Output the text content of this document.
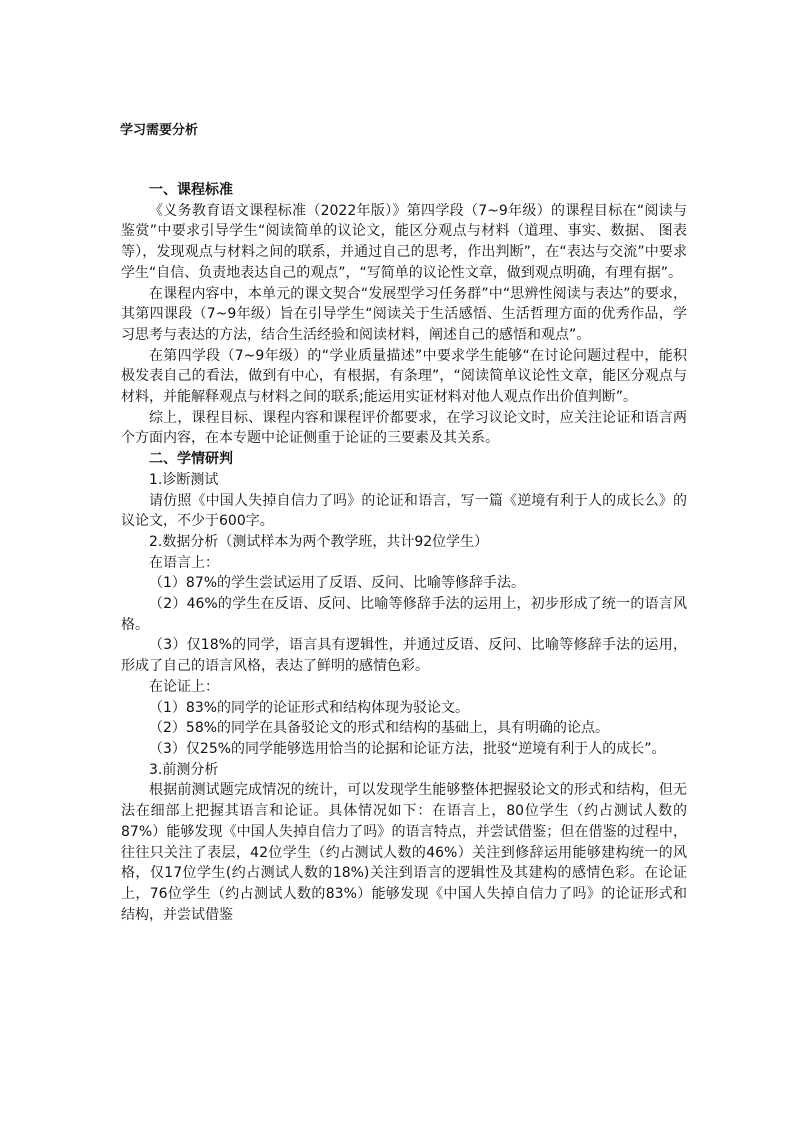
学习需要分析

一、课程标准

《义务教育语文课程标准（2022年版）》第四学段（7~9年级）的课程目标在“阅读与鉴赏”中要求引导学生“阅读简单的议论文，能区分观点与材料（道理、事实、数据、 图表等），发现观点与材料之间的联系，并通过自己的思考，作出判断”，在“表达与交流”中要求学生“自信、负责地表达自己的观点”，“写简单的议论性文章，做到观点明确，有理有据”。

在课程内容中，本单元的课文契合“发展型学习任务群”中“思辨性阅读与表达”的要求，其第四课段（7~9年级）旨在引导学生“阅读关于生活感悟、生活哲理方面的优秀作品，学习思考与表达的方法，结合生活经验和阅读材料，阐述自己的感悟和观点”。

在第四学段（7~9年级）的“学业质量描述”中要求学生能够“在讨论问题过程中，能积极发表自己的看法，做到有中心，有根据，有条理”，“阅读简单议论性文章，能区分观点与材料，并能解释观点与材料之间的联系;能运用实证材料对他人观点作出价值判断”。

综上，课程目标、课程内容和课程评价都要求，在学习议论文时，应关注论证和语言两个方面内容，在本专题中论证侧重于论证的三要素及其关系。

二、学情研判

1.诊断测试

请仿照《中国人失掉自信力了吗》的论证和语言，写一篇《逆境有利于人的成长么》的议论文，不少于600字。

2.数据分析（测试样本为两个教学班，共计92位学生）

在语言上：

（1）87%的学生尝试运用了反语、反问、比喻等修辞手法。

（2）46%的学生在反语、反问、比喻等修辞手法的运用上，初步形成了统一的语言风格。

（3）仅18%的同学，语言具有逻辑性，并通过反语、反问、比喻等修辞手法的运用，形成了自己的语言风格，表达了鲜明的感情色彩。

在论证上：

（1）83%的同学的论证形式和结构体现为驳论文。

（2）58%的同学在具备驳论文的形式和结构的基础上，具有明确的论点。

（3）仅25%的同学能够选用恰当的论据和论证方法，批驳“逆境有利于人的成长”。

3.前测分析

根据前测试题完成情况的统计，可以发现学生能够整体把握驳论文的形式和结构，但无法在细部上把握其语言和论证。具体情况如下：在语言上，80位学生（约占测试人数的87%）能够发现《中国人失掉自信力了吗》的语言特点，并尝试借鉴；但在借鉴的过程中，往往只关注了表层，42位学生（约占测试人数的46%）关注到修辞运用能够建构统一的风格，仅17位学生(约占测试人数的18%)关注到语言的逻辑性及其建构的感情色彩。在论证上，76位学生（约占测试人数的83%）能够发现《中国人失掉自信力了吗》的论证形式和结构，并尝试借鉴
